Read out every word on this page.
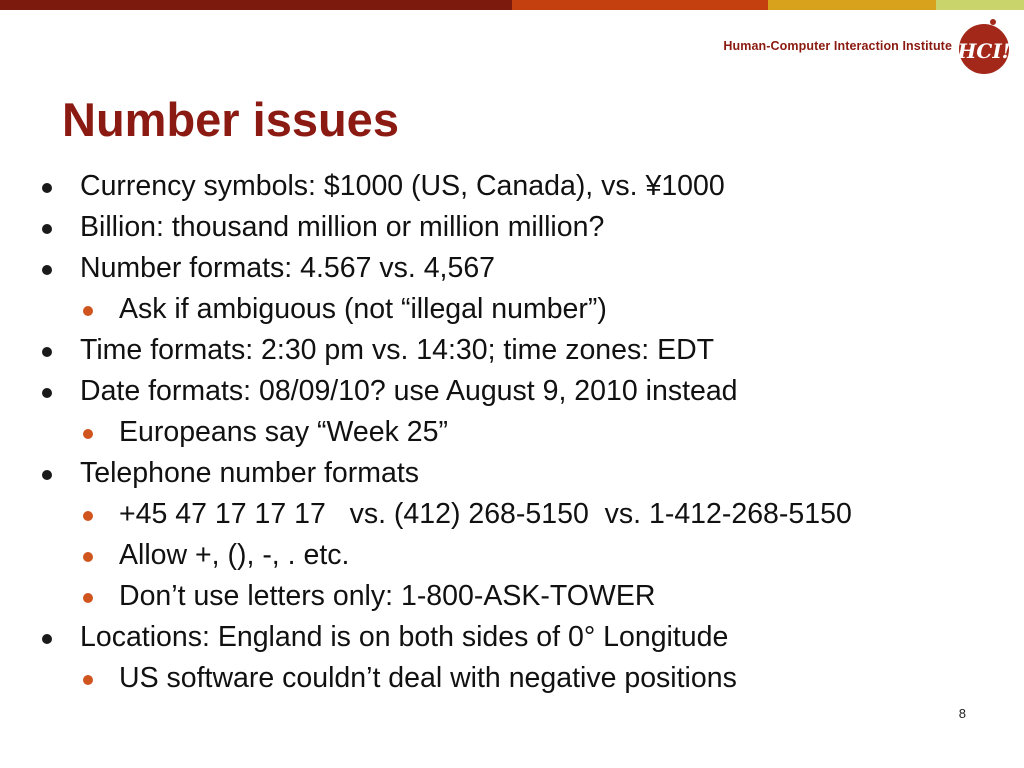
Human-Computer Interaction Institute HCI!
Number issues
Currency symbols: $1000 (US, Canada), vs. ¥1000
Billion: thousand million or million million?
Number formats: 4.567 vs. 4,567
Ask if ambiguous (not “illegal number”)
Time formats: 2:30 pm vs. 14:30; time zones: EDT
Date formats: 08/09/10? use August 9, 2010 instead
Europeans say “Week 25”
Telephone number formats
+45 47 17 17 17   vs. (412) 268-5150  vs. 1-412-268-5150
Allow +, (), -, . etc.
Don’t use letters only: 1-800-ASK-TOWER
Locations: England is on both sides of 0° Longitude
US software couldn’t deal with negative positions
8
